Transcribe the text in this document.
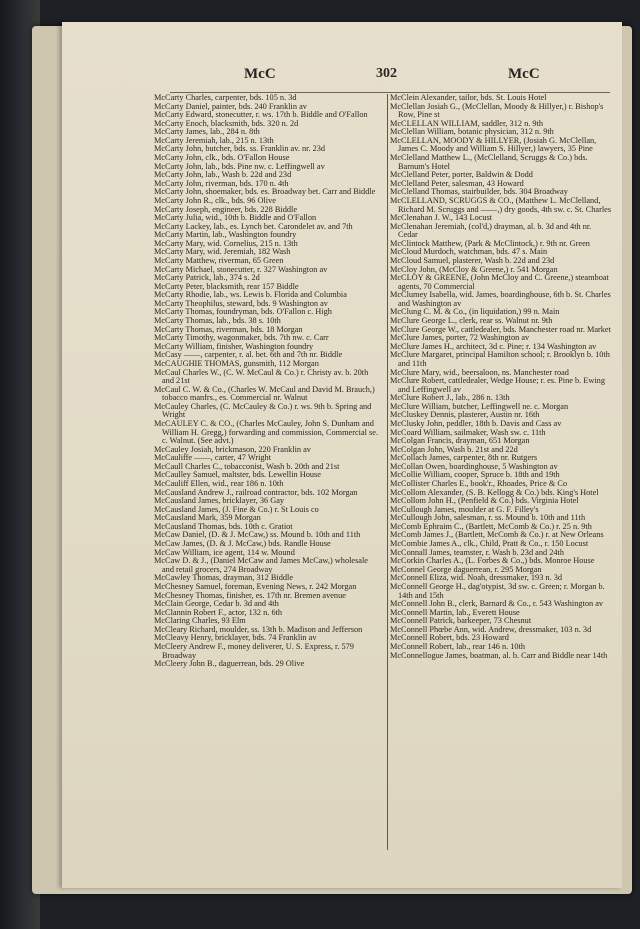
McC	302	McC
McCarty Charles, carpenter, bds. 105 n. 3d
McCarty Daniel, painter, bds. 240 Franklin av
McCarty Edward, stonecutter, r. ws. 17th b. Biddle and O'Fallon
McCarty Enoch, blacksmith, bds. 320 n. 2d
McCarty James, lab., 284 n. 8th
McCarty Jeremiah, lab., 215 n. 13th
McCarty John, butcher, bds. ss. Franklin av. nr. 23d
McCarty John, clk., bds. O'Fallon House
McCarty John, lab., bds. Pine nw. c. Leffingwell av
McCarty John, lab., Wash b. 22d and 23d
McCarty John, riverman, bds. 170 n. 4th
McCarty John, shoemaker, bds. es. Broadway bet. Carr and Biddle
McCarty John R., clk., bds. 96 Olive
McCarty Joseph, engineer, bds. 228 Biddle
McCarty Julia, wid., 10th b. Biddle and O'Fallon
McCarty Lackey, lab., es. Lynch bet. Carondelet av. and 7th
McCarty Martin, lab., Washington foundry
McCarty Mary, wid. Cornelius, 215 n. 13th
McCarty Mary, wid. Jeremiah, 182 Wash
McCarty Matthew, riverman, 65 Green
McCarty Michael, stonecutter, r. 327 Washington av
McCarty Patrick, lab., 374 s. 2d
McCarty Peter, blacksmith, rear 157 Biddle
McCarty Rhodie, lab., ws. Lewis b. Florida and Columbia
McCarty Theophilus, steward, bds. 9 Washington av
McCarty Thomas, foundryman, bds. O'Fallon c. High
McCarty Thomas, lab., bds. 38 s. 10th
McCarty Thomas, riverman, bds. 18 Morgan
McCarty Timothy, wagonmaker, bds. 7th nw. c. Carr
McCarty William, finisher, Washington foundry
McCasy ——, carpenter, r. al. bet. 6th and 7th nr. Biddle
McCAUGHIE THOMAS, gunsmith, 112 Morgan
McCaul Charles W., (C. W. McCaul & Co.) r. Christy av. b. 20th and 21st
McCaul C. W. & Co., (Charles W. McCaul and David M. Brauch,) tobacco manfrs., es. Commercial nr. Walnut
McCauley Charles, (C. McCauley & Co.) r. ws. 9th b. Spring and Wright
McCAULEY C. & CO., (Charles McCauley, John S. Dunham and William H. Gregg,) forwarding and commission, Commercial se. c. Walnut. (See advt.)
McCauley Josiah, brickmason, 220 Franklin av
McCauliffe ——, carter, 47 Wright
McCaull Charles C., tobacconist, Wash b. 20th and 21st
McCaulley Samuel, maltster, bds. Lewellin House
McCauliff Ellen, wid., rear 186 n. 10th
McCausland Andrew J., railroad contractor, bds. 102 Morgan
McCausland James, bricklayer, 36 Gay
McCausland James, (J. Fine & Co.) r. St Louis co
McCausland Mark, 359 Morgan
McCausland Thomas, bds. 10th c. Gratiot
McCaw Daniel, (D. & J. McCaw,) ss. Mound b. 10th and 11th
McCaw James, (D. & J. McCaw,) bds. Randle House
McCaw William, ice agent, 114 w. Mound
McCaw D. & J., (Daniel McCaw and James McCaw,) wholesale and retail grocers, 274 Broadway
McCawley Thomas, drayman, 312 Biddle
McChesney Samuel, foreman, Evening News, r. 242 Morgan
McChesney Thomas, finisher, es. 17th nr. Bremen avenue
McClain George, Cedar b. 3d and 4th
McClannin Robert F., actor, 132 n. 6th
McClaring Charles, 93 Elm
McCleary Richard, moulder, ss. 13th b. Madison and Jefferson
McCleavy Henry, bricklayer, bds. 74 Franklin av
McCleery Andrew F., money deliverer, U. S. Express, r. 579 Broadway
McCleery John B., daguerrean, bds. 29 Olive
McClein Alexander, tailor, bds. St. Louis Hotel
McClellan Josiah G., (McClellan, Moody & Hillyer,) r. Bishop's Row, Pine st
McCLELLAN WILLIAM, saddler, 312 n. 9th
McClellan William, botanic physician, 312 n. 9th
McCLELLAN, MOODY & HILLYER, (Josiah G. McClellan, James C. Moody and William S. Hillyer,) lawyers, 35 Pine
McClelland Matthew L., (McClelland, Scruggs & Co.) bds. Barnum's Hotel
McClelland Peter, porter, Baldwin & Dodd
McClelland Peter, salesman, 43 Howard
McClelland Thomas, stairbuilder, bds. 304 Broadway
McCLELLAND, SCRUGGS & CO., (Matthew L. McClelland, Richard M. Scruggs and ——,) dry goods, 4th sw. c. St. Charles
McClenahan J. W., 143 Locust
McClenahan Jeremiah, (col'd,) drayman, al. b. 3d and 4th nr. Cedar
McClintock Matthew, (Park & McClintock,) r. 9th nr. Green
McCloud Murdoch, watchman, bds. 47 s. Main
McCloud Samuel, plasterer, Wash b. 22d and 23d
McCloy John, (McCloy & Greene,) r. 541 Morgan
McCLOY & GREENE, (John McCloy and C. Greene,) steamboat agents, 70 Commercial
McClumey Isabella, wid. James, boardinghouse, 6th b. St. Charles and Washington av
McClung C. M. & Co., (in liquidation,) 99 n. Main
McClure George L., clerk, rear ss. Walnut nr. 9th
McClure George W., cattledealer, bds. Manchester road nr. Market
McClure James, porter, 72 Washington av
McClure James H., architect, 3d c. Pine; r. 134 Washington av
McClure Margaret, principal Hamilton school; r. Brooklyn b. 10th and 11th
McClure Mary, wid., beersaloon, ns. Manchester road
McClure Robert, cattledealer, Wedge House; r. es. Pine b. Ewing and Leffingwell av
McClure Robert J., lab., 286 n. 13th
McClure William, butcher, Leffingwell ne. c. Morgan
McCluskey Dennis, plasterer, Austin nr. 16th
McClusky John, peddler, 18th b. Davis and Cass av
McCoard William, sailmaker, Wash sw. c. 11th
McColgan Francis, drayman, 651 Morgan
McColgan John, Wash b. 21st and 22d
McCollach James, carpenter, 8th nr. Rutgers
McCollan Owen, boardinghouse, 5 Washington av
McCollie William, cooper, Spruce b. 18th and 19th
McCollister Charles E., book'r., Rhoades, Price & Co
McCollom Alexander, (S. B. Kellogg & Co.) bds. King's Hotel
McCollom John H., (Penfield & Co.) bds. Virginia Hotel
McCullough James, moulder at G. F. Filley's
McCullough John, salesman, r. ss. Mound b. 10th and 11th
McComb Ephraim C., (Bartlett, McComb & Co.) r. 25 n. 9th
McComb James J., (Bartlett, McComb & Co.) r. at New Orleans
McCombie James A., clk., Child, Pratt & Co., r. 150 Locust
McConnall James, teamster, r. Wash b. 23d and 24th
McCorkin Charles A., (L. Forbes & Co.,) bds. Monroe House
McConnel George daguerrean, r. 295 Morgan
McConnell Eliza, wid. Noah, dressmaker, 193 n. 3d
McConnell George H., dag'otypist, 3d sw. c. Green; r. Morgan b. 14th and 15th
McConnell John B., clerk, Barnard & Co., r. 543 Washington av
McConnell Martin, lab., Everett House
McConnell Patrick, barkeeper, 73 Chesnut
McConnell Phœbe Ann, wid. Andrew, dressmaker, 103 n. 3d
McConnell Robert, bds. 23 Howard
McConnell Robert, lab., rear 146 n. 10th
McConnellogue James, boatman, al. b. Carr and Biddle near 14th
